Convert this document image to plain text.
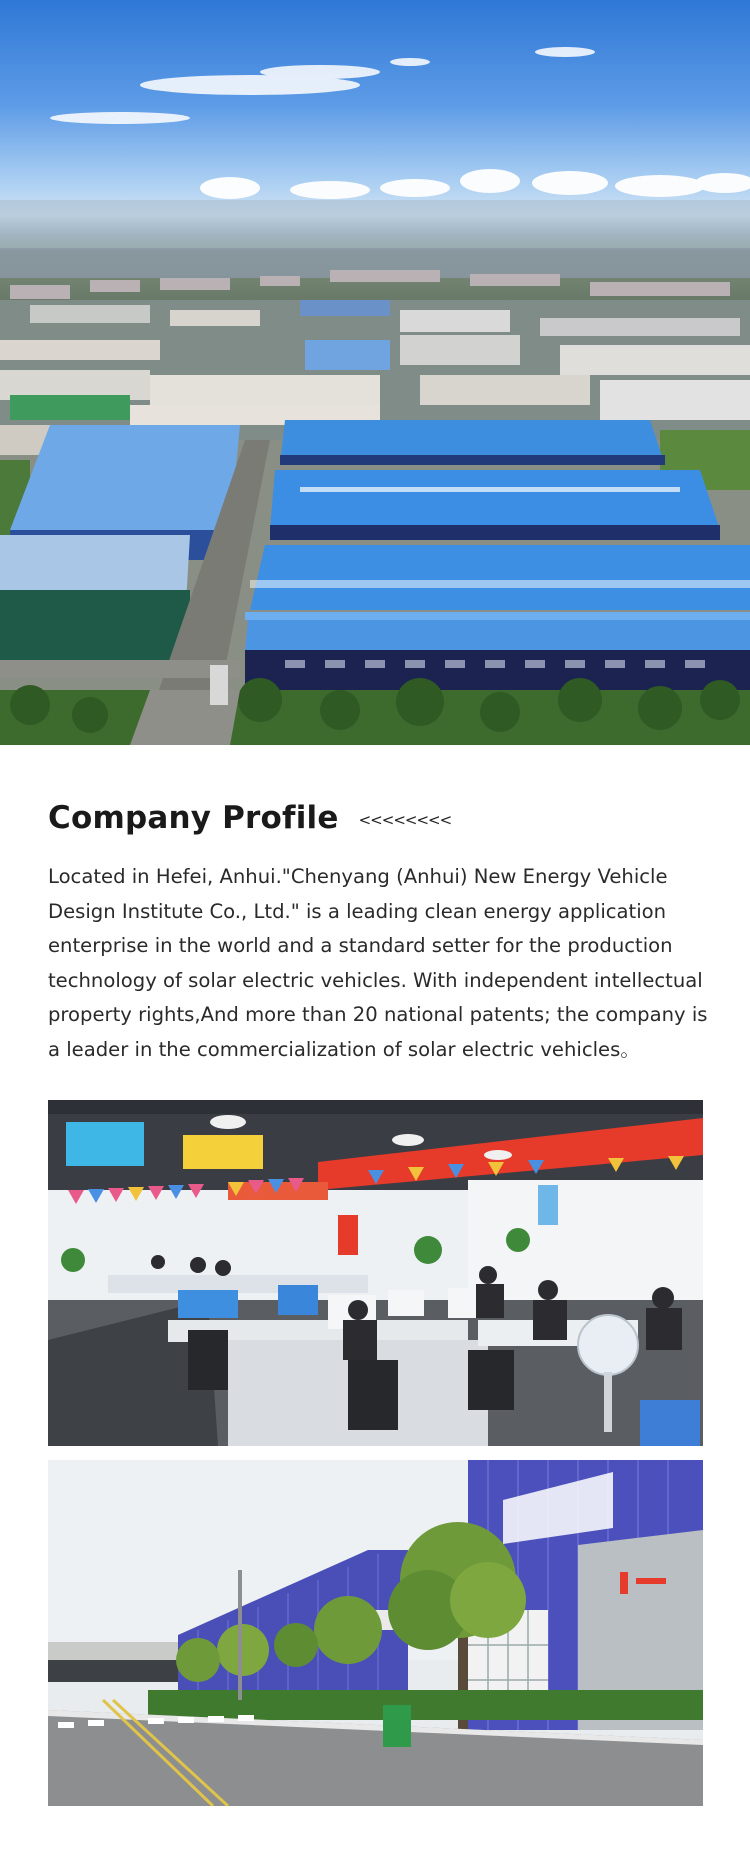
Company Profile <<<<<<<<

Located in Hefei, Anhui."Chenyang (Anhui) New Energy Vehicle Design Institute Co., Ltd." is a leading clean energy application enterprise in the world and a standard setter for the production technology of solar electric vehicles. With independent intellectual property rights,And more than 20 national patents; the company is a leader in the commercialization of solar electric vehicles。
